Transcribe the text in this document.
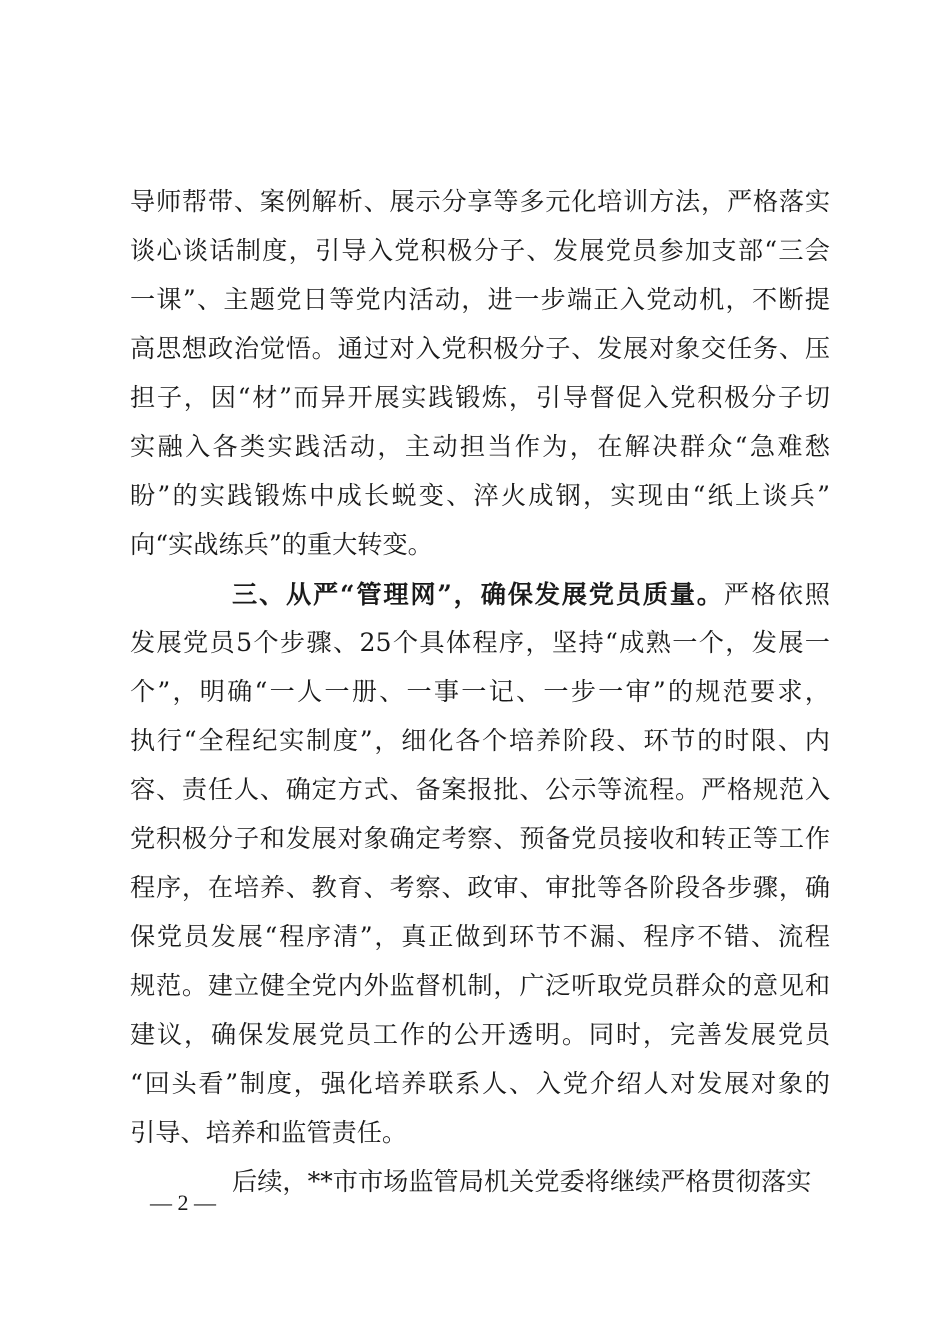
导师帮带、案例解析、展示分享等多元化培训方法，严格落实
谈心谈话制度，引导入党积极分子、发展党员参加支部“三会
一课”、主题党日等党内活动，进一步端正入党动机，不断提
高思想政治觉悟。通过对入党积极分子、发展对象交任务、压
担子，因“材”而异开展实践锻炼，引导督促入党积极分子切
实融入各类实践活动，主动担当作为，在解决群众“急难愁
盼”的实践锻炼中成长蜕变、淬火成钢，实现由“纸上谈兵”
向“实战练兵”的重大转变。
三、从严“管理网”，确保发展党员质量。严格依照
发展党员5个步骤、25个具体程序，坚持“成熟一个，发展一
个”，明确“一人一册、一事一记、一步一审”的规范要求，
执行“全程纪实制度”，细化各个培养阶段、环节的时限、内
容、责任人、确定方式、备案报批、公示等流程。严格规范入
党积极分子和发展对象确定考察、预备党员接收和转正等工作
程序，在培养、教育、考察、政审、审批等各阶段各步骤，确
保党员发展“程序清”，真正做到环节不漏、程序不错、流程
规范。建立健全党内外监督机制，广泛听取党员群众的意见和
建议，确保发展党员工作的公开透明。同时，完善发展党员
“回头看”制度，强化培养联系人、入党介绍人对发展对象的
引导、培养和监管责任。
后续，**市市场监管局机关党委将继续严格贯彻落实
— 2 —
